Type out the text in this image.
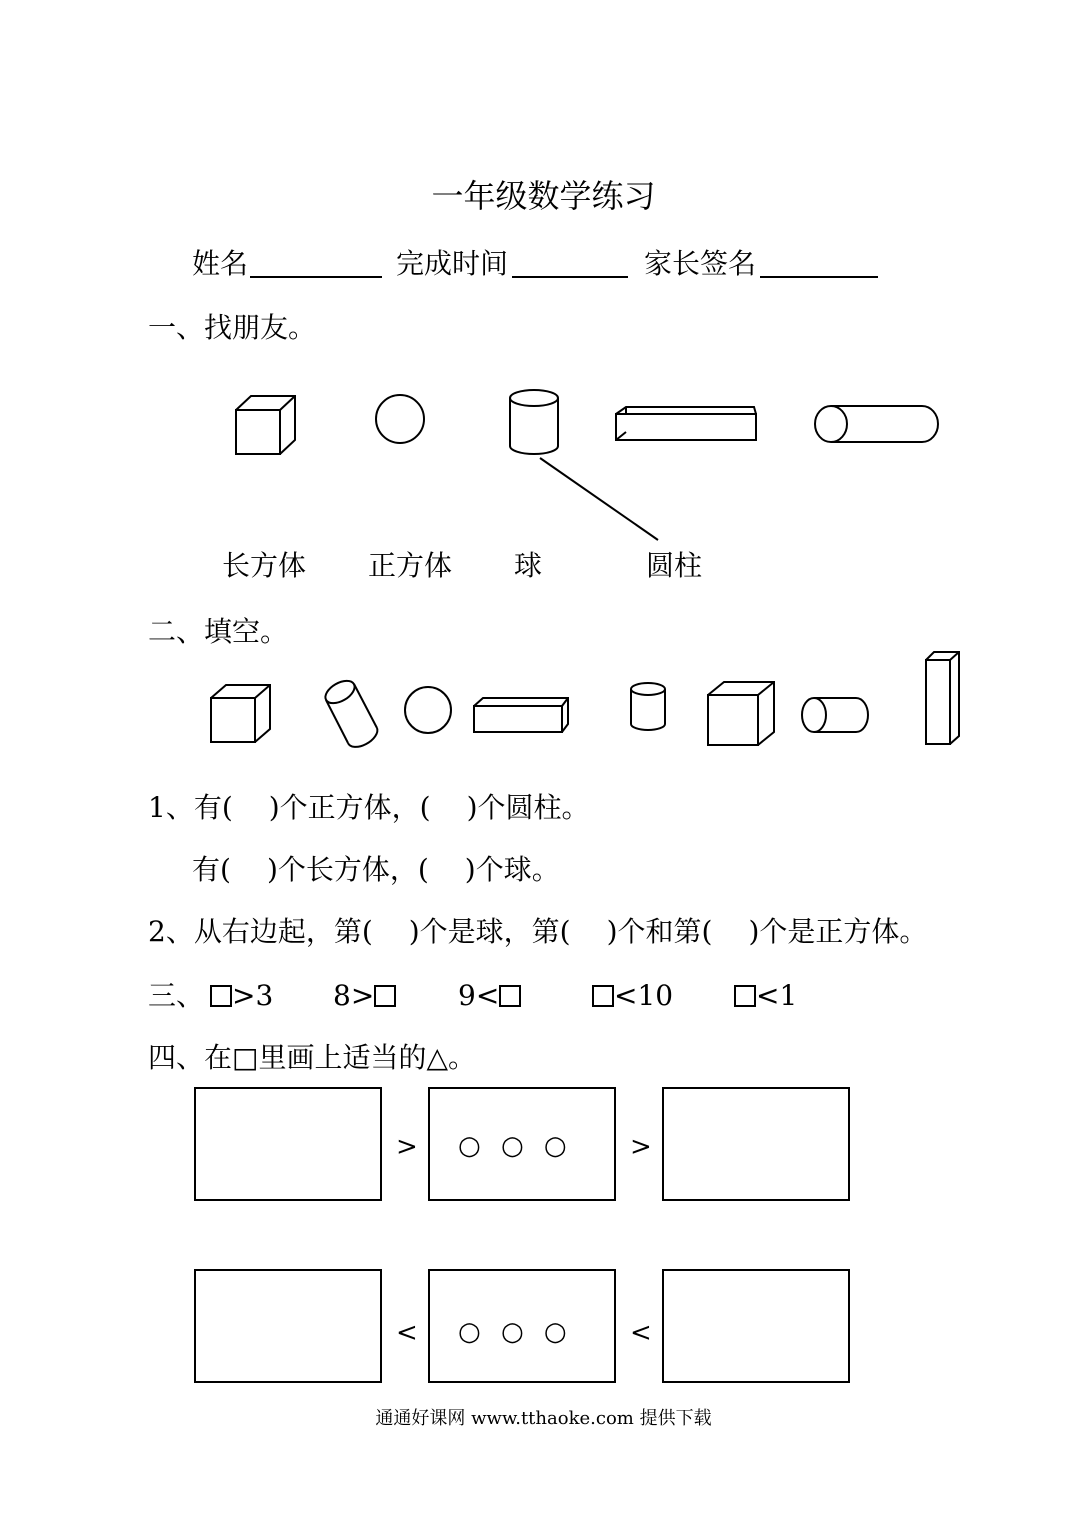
一年级数学练习
姓名	完成时间	家长签名
一、找朋友。
长方体 正方体 球	圆柱
二、填空。
1、有( )个正方体，( )个圆柱。
有( )个长方体，( )个球。
2、从右边起，第( )个是球，第( )个和第( )个是正方体。
三、 >3 8>	9<	<10	<1
四、在□里画上适当的△。
> ○ ○ ○ >
< ○ ○ ○ <
通通好课网 www.tthaoke.com 提供下载
